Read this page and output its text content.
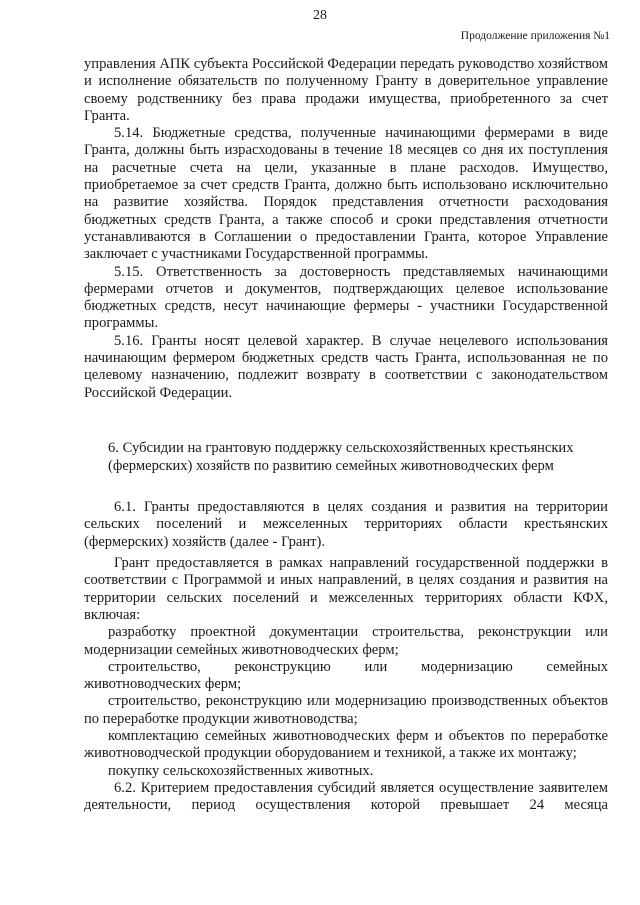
28
Продолжение приложения №1

управления АПК субъекта Российской Федерации передать руководство хозяйством и исполнение обязательств по полученному Гранту в доверительное управление своему родственнику без права продажи имущества, приобретенного за счет Гранта.

5.14. Бюджетные средства, полученные начинающими фермерами в виде Гранта, должны быть израсходованы в течение 18 месяцев со дня их поступления на расчетные счета на цели, указанные в плане расходов. Имущество, приобретаемое за счет средств Гранта, должно быть использовано исключительно на развитие хозяйства. Порядок представления отчетности расходования бюджетных средств Гранта, а также способ и сроки представления отчетности устанавливаются в Соглашении о предоставлении Гранта, которое Управление заключает с участниками Государственной программы.

5.15. Ответственность за достоверность представляемых начинающими фермерами отчетов и документов, подтверждающих целевое использование бюджетных средств, несут начинающие фермеры - участники Государственной программы.

5.16. Гранты носят целевой характер. В случае нецелевого использования начинающим фермером бюджетных средств часть Гранта, использованная не по целевому назначению, подлежит возврату в соответствии с законодательством Российской Федерации.

6. Субсидии на грантовую поддержку сельскохозяйственных крестьянских (фермерских) хозяйств по развитию семейных животноводческих ферм

6.1. Гранты предоставляются в целях создания и развития на территории сельских поселений и межселенных территориях области крестьянских (фермерских) хозяйств (далее - Грант).

Грант предоставляется в рамках направлений государственной поддержки в соответствии с Программой и иных направлений, в целях создания и развития на территории сельских поселений и межселенных территориях области КФХ, включая:

разработку проектной документации строительства, реконструкции или модернизации семейных животноводческих ферм;

строительство, реконструкцию или модернизацию семейных животноводческих ферм;

строительство, реконструкцию или модернизацию производственных объектов по переработке продукции животноводства;

комплектацию семейных животноводческих ферм и объектов по переработке животноводческой продукции оборудованием и техникой, а также их монтажу;

покупку сельскохозяйственных животных.

6.2. Критерием предоставления субсидий является осуществление заявителем деятельности, период осуществления которой превышает 24 месяца
